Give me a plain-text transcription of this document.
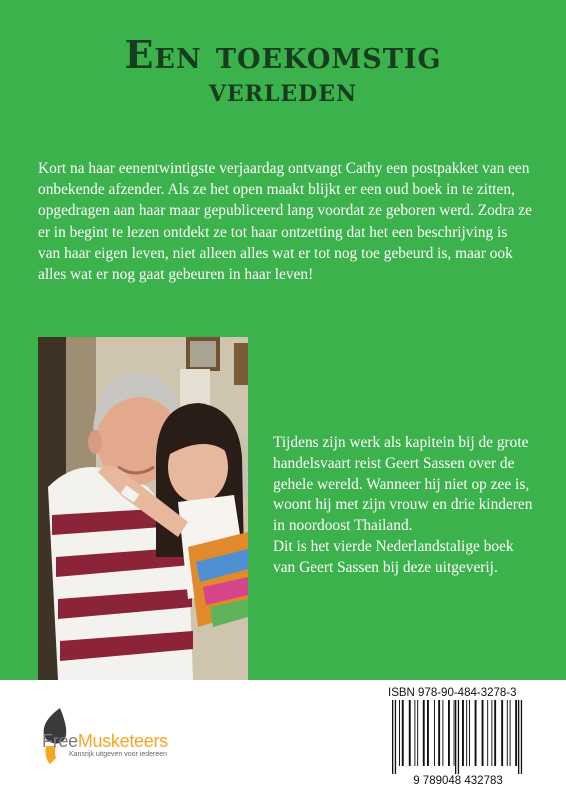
Een toekomstig
verleden

Kort na haar eenentwintigste verjaardag ontvangt Cathy een postpakket van een onbekende afzender. Als ze het open maakt blijkt er een oud boek in te zitten, opgedragen aan haar maar gepubliceerd lang voordat ze geboren werd. Zodra ze er in begint te lezen ontdekt ze tot haar ontzetting dat het een beschrijving is van haar eigen leven, niet alleen alles wat er tot nog toe gebeurd is, maar ook alles wat er nog gaat gebeuren in haar leven!

Tijdens zijn werk als kapitein bij de grote handelsvaart reist Geert Sassen over de gehele wereld. Wanneer hij niet op zee is, woont hij met zijn vrouw en drie kinderen in noordoost Thailand.

Dit is het vierde Nederlandstalige boek van Geert Sassen bij deze uitgeverij.

FreeMusketeers
Kansrijk uitgeven voor iedereen
ISBN 978-90-484-3278-3
9 789048 432783
